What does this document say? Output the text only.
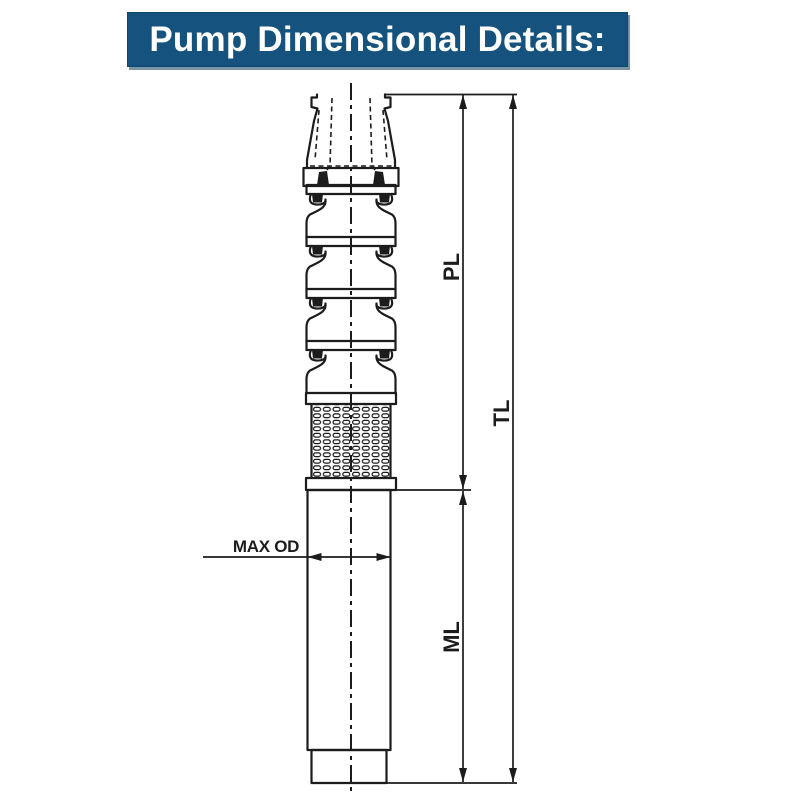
Pump Dimensional Details:
PL
ML
TL
MAX OD
